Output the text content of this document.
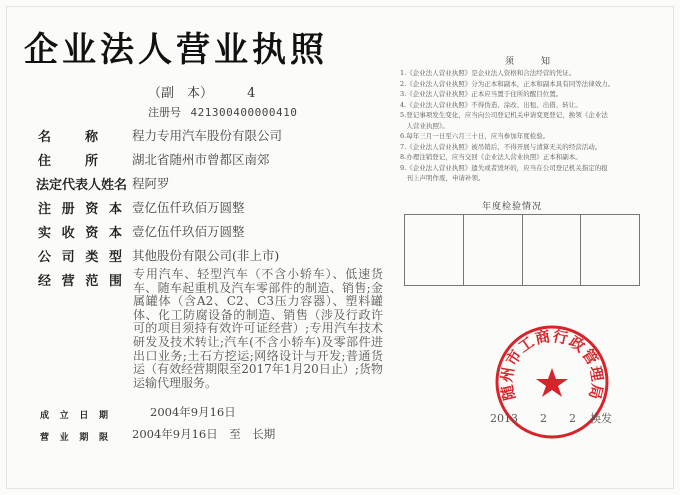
企业法人营业执照
（副　本）	4
注册号 421300400000410
名	称	程力专用汽车股份有限公司
住	所	湖北省随州市曾都区南郊
法定代表人姓名 程阿罗
注 册 资 本 壹亿伍仟玖佰万圆整
实 收 资 本 壹亿伍仟玖佰万圆整
公 司 类 型 其他股份有限公司(非上市)
经 营 范 围 专用汽车、轻型汽车（不含小轿车）、低速货车、随车起重机及汽车零部件的制造、销售;金属罐体（含A2、C2、C3压力容器）、塑料罐体、化工防腐设备的制造、销售（涉及行政许可的项目须持有效许可证经营）;专用汽车技术研发及技术转让;汽车(不含小轿车)及零部件进出口业务;土石方挖运;网络设计与开发;普通货运（有效经营期限至2017年1月20日止）;货物运输代理服务。
成 立 日 期	2004年9月16日
营 业 期 限 2004年9月16日　至　长期
须　　知
1.《企业法人营业执照》是企业法人资格和合法经营的凭证。
2.《企业法人营业执照》分为正本和副本，正本和副本具有同等法律效力。
3.《企业法人营业执照》正本应当置于住所的醒目位置。
4.《企业法人营业执照》不得伪造、涂改、出租、出借、转让。
5.登记事项发生变化，应当向公司登记机关申请变更登记，换领《企业法
　人营业执照》。
6.每年三月一日至六月三十日，应当参加年度检验。
7.《企业法人营业执照》被吊销后，不得开展与清算无关的经营活动。
8.办理注销登记，应当交回《企业法人营业执照》正本和副本。
9.《企业法人营业执照》遗失或者毁坏的，应当在公司登记机关指定的报
　刊上声明作废，申请补领。
年度检验情况
随州市工商行政管理局
2013 2 2 换发
